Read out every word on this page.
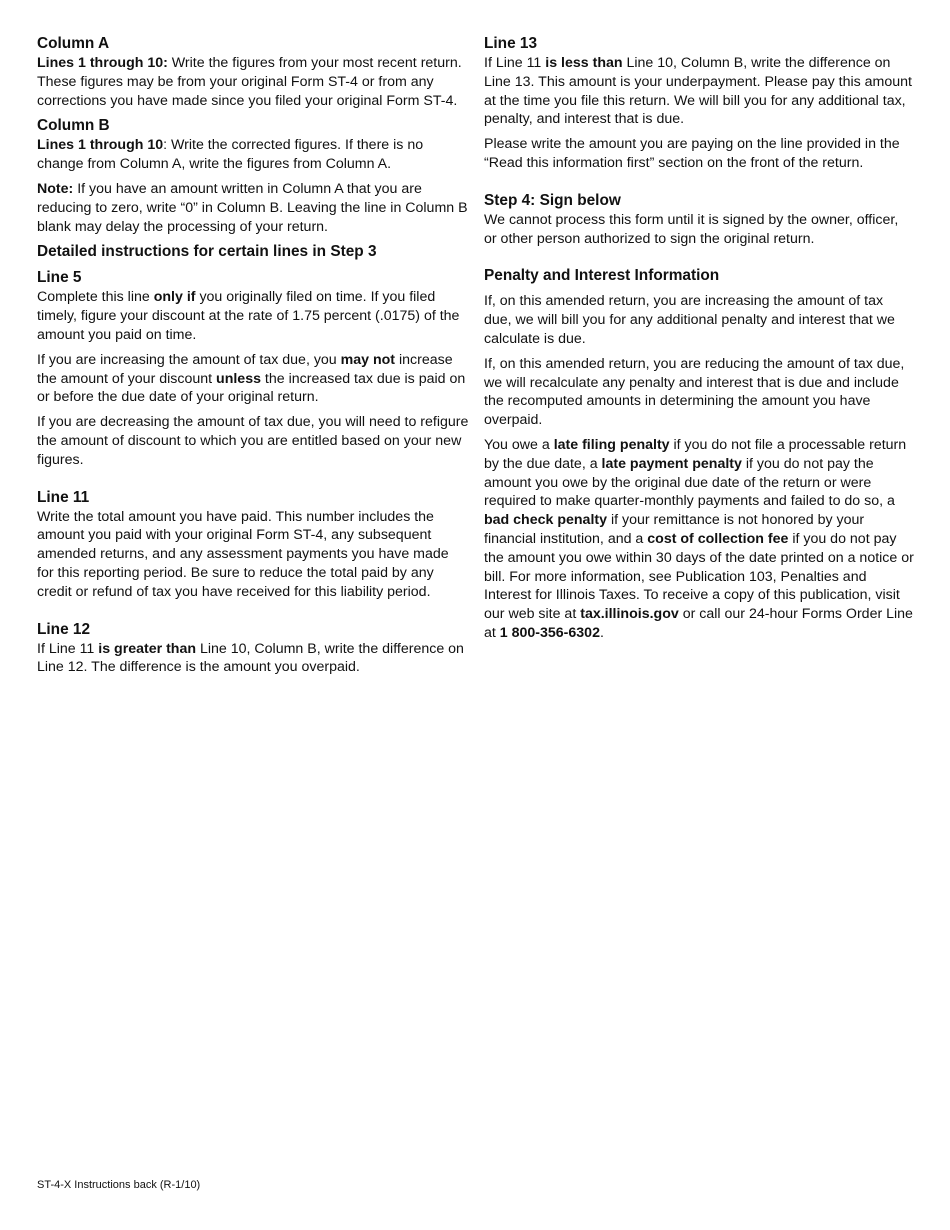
Column A

Lines 1 through 10: Write the figures from your most recent return. These figures may be from your original Form ST-4 or from any corrections you have made since you filed your original Form ST-4.

Column B

Lines 1 through 10: Write the corrected figures. If there is no change from Column A, write the figures from Column A.

Note: If you have an amount written in Column A that you are reducing to zero, write “0” in Column B. Leaving the line in Column B blank may delay the processing of your return.

Detailed instructions for certain lines in Step 3
Line 5

Complete this line only if you originally filed on time. If you filed timely, figure your discount at the rate of 1.75 percent (.0175) of the amount you paid on time.

If you are increasing the amount of tax due, you may not increase the amount of your discount unless the increased tax due is paid on or before the due date of your original return.

If you are decreasing the amount of tax due, you will need to refigure the amount of discount to which you are entitled based on your new figures.

Line 11

Write the total amount you have paid. This number includes the amount you paid with your original Form ST-4, any subsequent amended returns, and any assessment payments you have made for this reporting period. Be sure to reduce the total paid by any credit or refund of tax you have received for this liability period.

Line 12

If Line 11 is greater than Line 10, Column B, write the difference on Line 12. The difference is the amount you overpaid.

Line 13

If Line 11 is less than Line 10, Column B, write the difference on Line 13. This amount is your underpayment. Please pay this amount at the time you file this return. We will bill you for any additional tax, penalty, and interest that is due.

Please write the amount you are paying on the line provided in the “Read this information first” section on the front of the return.

Step 4: Sign below

We cannot process this form until it is signed by the owner, officer, or other person authorized to sign the original return.

Penalty and Interest Information

If, on this amended return, you are increasing the amount of tax due, we will bill you for any additional penalty and interest that we calculate is due.

If, on this amended return, you are reducing the amount of tax due, we will recalculate any penalty and interest that is due and include the recomputed amounts in determining the amount you have overpaid.

You owe a late filing penalty if you do not file a processable return by the due date, a late payment penalty if you do not pay the amount you owe by the original due date of the return or were required to make quarter-monthly payments and failed to do so, a bad check penalty if your remittance is not honored by your financial institution, and a cost of collection fee if you do not pay the amount you owe within 30 days of the date printed on a notice or bill. For more information, see Publication 103, Penalties and Interest for Illinois Taxes. To receive a copy of this publication, visit our web site at tax.illinois.gov or call our 24-hour Forms Order Line at 1 800-356-6302.

ST-4-X Instructions back (R-1/10)
